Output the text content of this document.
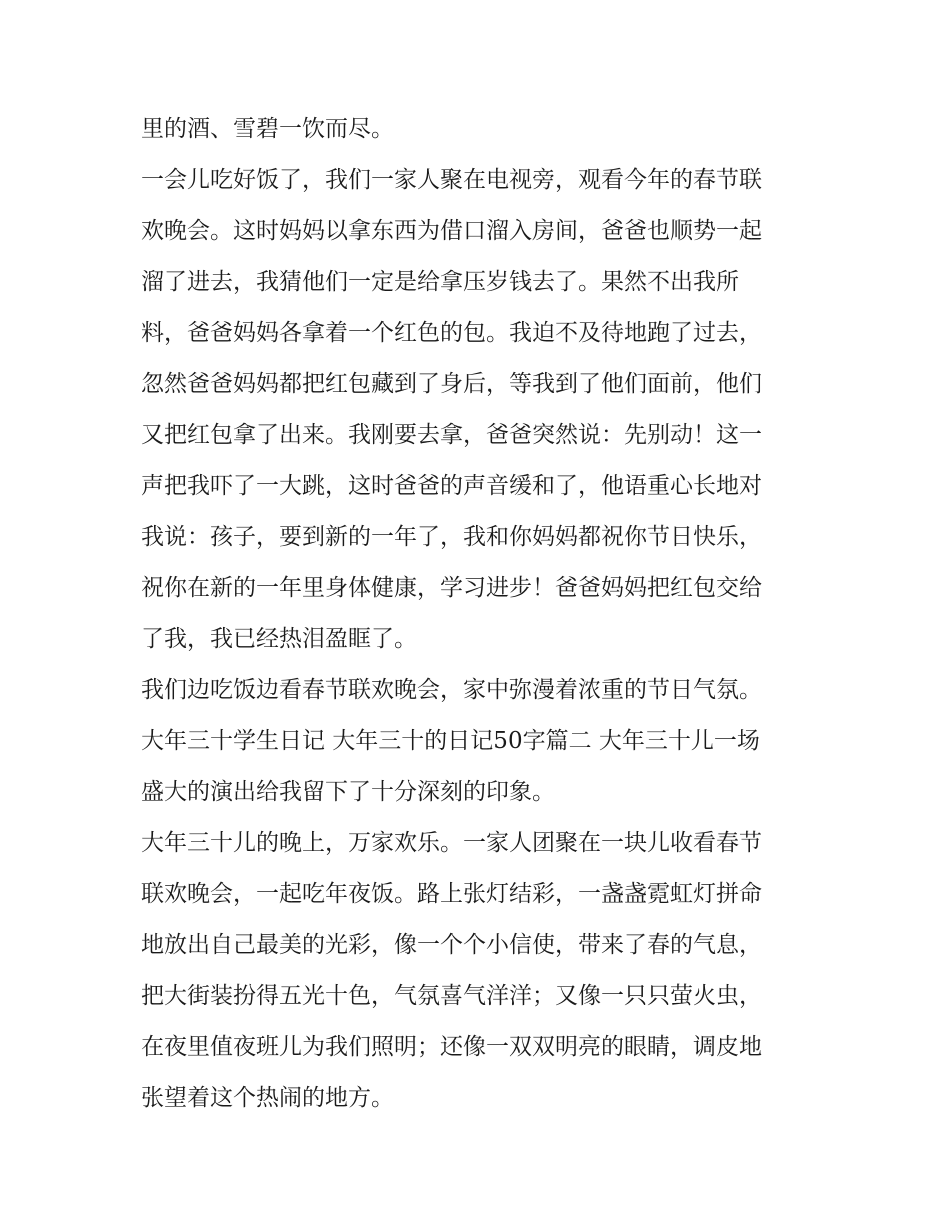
里的酒、雪碧一饮而尽。
一会儿吃好饭了，我们一家人聚在电视旁，观看今年的春节联
欢晚会。这时妈妈以拿东西为借口溜入房间，爸爸也顺势一起
溜了进去，我猜他们一定是给拿压岁钱去了。果然不出我所
料，爸爸妈妈各拿着一个红色的包。我迫不及待地跑了过去，
忽然爸爸妈妈都把红包藏到了身后，等我到了他们面前，他们
又把红包拿了出来。我刚要去拿，爸爸突然说：先别动！这一
声把我吓了一大跳，这时爸爸的声音缓和了，他语重心长地对
我说：孩子，要到新的一年了，我和你妈妈都祝你节日快乐，
祝你在新的一年里身体健康，学习进步！爸爸妈妈把红包交给
了我，我已经热泪盈眶了。
我们边吃饭边看春节联欢晚会，家中弥漫着浓重的节日气氛。
大年三十学生日记 大年三十的日记50字篇二 大年三十儿一场
盛大的演出给我留下了十分深刻的印象。
大年三十儿的晚上，万家欢乐。一家人团聚在一块儿收看春节
联欢晚会，一起吃年夜饭。路上张灯结彩，一盏盏霓虹灯拼命
地放出自己最美的光彩，像一个个小信使，带来了春的气息，
把大街装扮得五光十色，气氛喜气洋洋；又像一只只萤火虫，
在夜里值夜班儿为我们照明；还像一双双明亮的眼睛，调皮地
张望着这个热闹的地方。
